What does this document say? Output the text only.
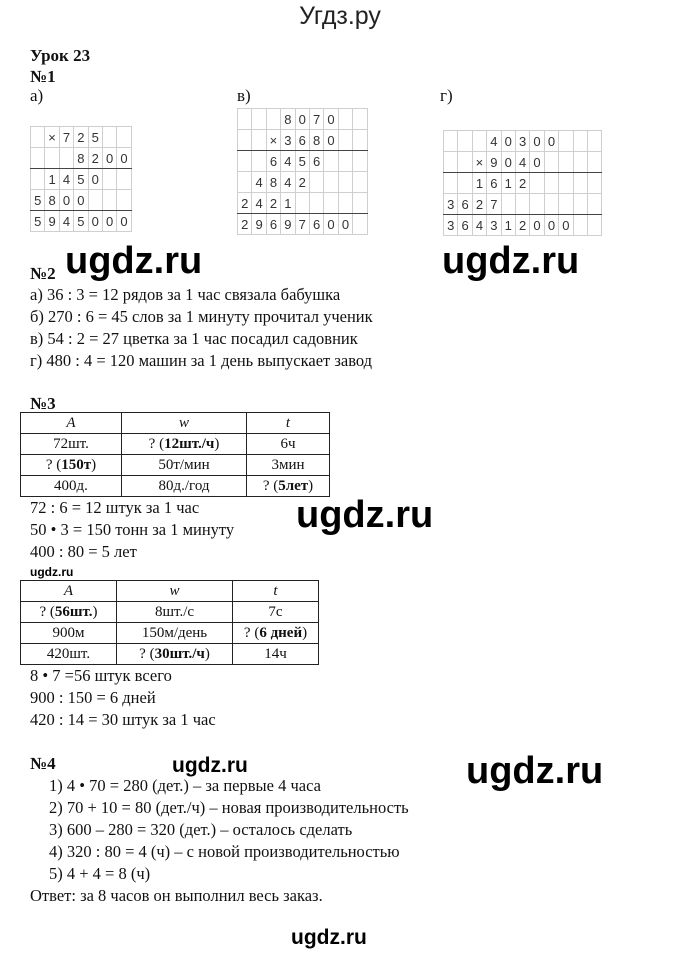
Угдз.ру
Урок 23
№1
а)	в)	г)
	×	7	2	5		
			8	2	0	0
	1	4	5	0		
5	8	0	0			
5	9	4	5	0	0	0
			8	0	7	0		
		×	3	6	8	0		
		6	4	5	6			
	4	8	4	2				
2	4	2	1					
2	9	6	9	7	6	0	0	
			4	0	3	0	0			
		×	9	0	4	0				
		1	6	1	2					
3	6	2	7							
3	6	4	3	1	2	0	0	0		
ugdz.ru	ugdz.ru
№2
а) 36 : 3 = 12 рядов за 1 час связала бабушка
б) 270 : 6 = 45 слов за 1 минуту прочитал ученик
в) 54 : 2 = 27 цветка за 1 час посадил садовник
г) 480 : 4 = 120 машин за 1 день выпускает завод
№3
A	w	t
72шт.	? (12шт./ч)	6ч
? (150т)	50т/мин	3мин
400д.	80д./год	? (5лет)
72 : 6 = 12 штук за 1 час
50 • 3 = 150 тонн за 1 минуту
400 : 80 = 5 лет
ugdz.ru
ugdz.ru
A	w	t
? (56шт.)	8шт./с	7с
900м	150м/день	? (6 дней)
420шт.	? (30шт./ч)	14ч
8 • 7 =56 штук всего
900 : 150 = 6 дней
420 : 14 = 30 штук за 1 час
№4	ugdz.ru	ugdz.ru
1) 4 • 70 = 280 (дет.) – за первые 4 часа
2) 70 + 10 = 80 (дет./ч) – новая производительность
3) 600 – 280 = 320 (дет.) – осталось сделать
4) 320 : 80 = 4 (ч) – с новой производительностью
5) 4 + 4 = 8 (ч)
Ответ: за 8 часов он выполнил весь заказ.
ugdz.ru
